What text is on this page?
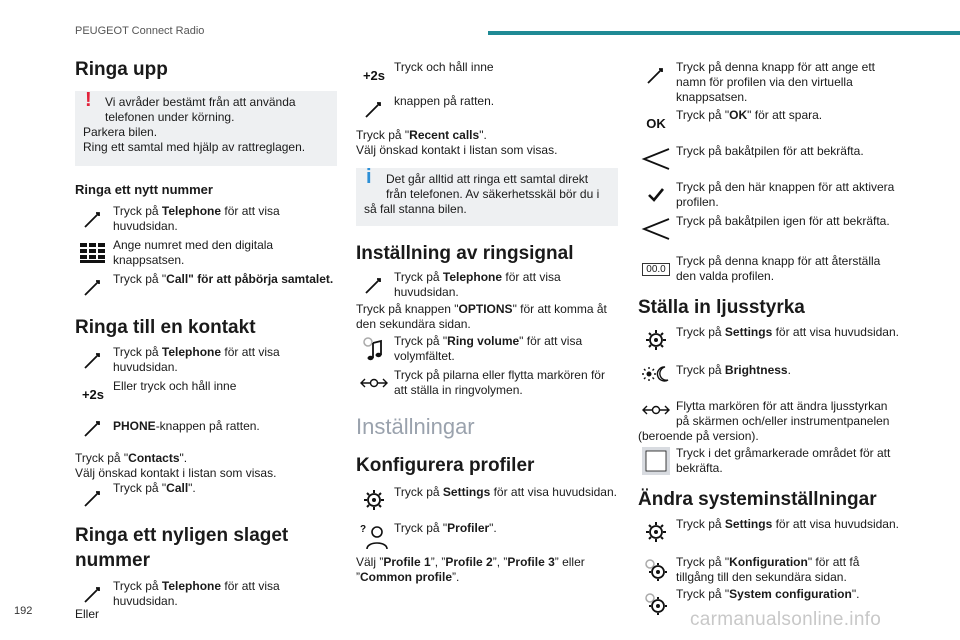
PEUGEOT Connect Radio
192	carmanualsonline.info
Ringa upp
!	Vi avråder bestämt från att använda
telefonen under körning.
Parkera bilen.
Ring ett samtal med hjälp av rattreglagen.
Ringa ett nytt nummer
Tryck på Telephone för att visa huvudsidan.
Ange numret med den digitala knappsatsen.
Tryck på "Call" för att påbörja samtalet.
Ringa till en kontakt
Tryck på Telephone för att visa huvudsidan.
+2s
Eller tryck och håll inne
PHONE-knappen på ratten.

Tryck på "Contacts".

Välj önskad kontakt i listan som visas.

Tryck på "Call".
Ringa ett nyligen slaget
nummer
Tryck på Telephone för att visa huvudsidan.

Eller

+2s
Tryck och håll inne
knappen på ratten.

Tryck på "Recent calls".

Välj önskad kontakt i listan som visas.

i	Det går alltid att ringa ett samtal direkt
från telefonen. Av säkerhetsskäl bör du i
så fall stanna bilen.
Inställning av ringsignal
Tryck på Telephone för att visa huvudsidan.

Tryck på knappen "OPTIONS" för att komma åt den sekundära sidan.

Tryck på "Ring volume" för att visa volymfältet.
Tryck på pilarna eller flytta markören för att ställa in ringvolymen.
Inställningar
Konfigurera profiler
Tryck på Settings för att visa huvudsidan.
? Tryck på "Profiler".

Välj ”Profile 1”, ”Profile 2”, ”Profile 3” eller ”Common profile”.

Tryck på denna knapp för att ange ett namn för profilen via den virtuella knappsatsen.
OK
Tryck på "OK" för att spara.
Tryck på bakåtpilen för att bekräfta.
Tryck på den här knappen för att aktivera profilen.
Tryck på bakåtpilen igen för att bekräfta.
00.0
Tryck på denna knapp för att återställa den valda profilen.
Ställa in ljusstyrka
Tryck på Settings för att visa huvudsidan.
Tryck på Brightness.
Flytta markören för att ändra ljusstyrkan på skärmen och/eller instrumentpanelen (beroende på version).
Tryck i det gråmarkerade området för att bekräfta.
Ändra systeminställningar
Tryck på Settings för att visa huvudsidan.
Tryck på "Konfiguration" för att få tillgång till den sekundära sidan.
Tryck på "System configuration".
